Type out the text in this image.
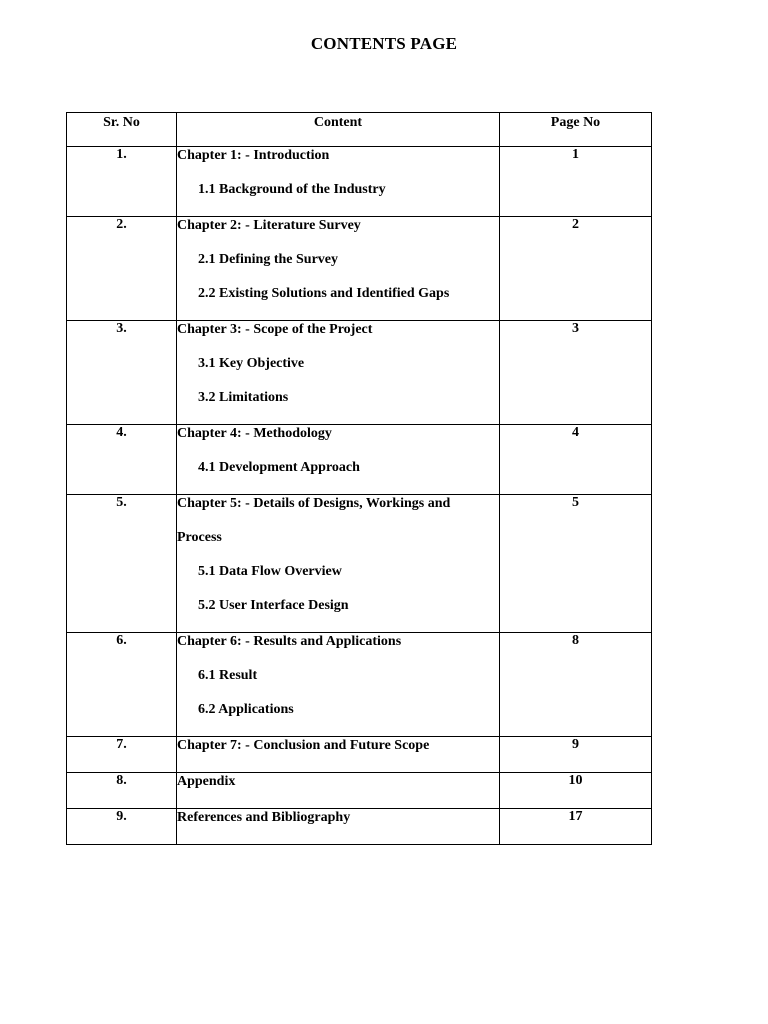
CONTENTS PAGE
Sr. No	Content	Page No
1.	Chapter 1: - Introduction
1.1 Background of the Industry	1
2.	Chapter 2: - Literature Survey
2.1 Defining the Survey
2.2 Existing Solutions and Identified Gaps	2
3.	Chapter 3: - Scope of the Project
3.1 Key Objective
3.2 Limitations	3
4.	Chapter 4: - Methodology
4.1 Development Approach	4
5.	Chapter 5: - Details of Designs, Workings and
Process
5.1 Data Flow Overview
5.2 User Interface Design	5
6.	Chapter 6: - Results and Applications
6.1 Result
6.2 Applications	8
7.	Chapter 7: - Conclusion and Future Scope	9
8.	Appendix	10
9.	References and Bibliography	17
